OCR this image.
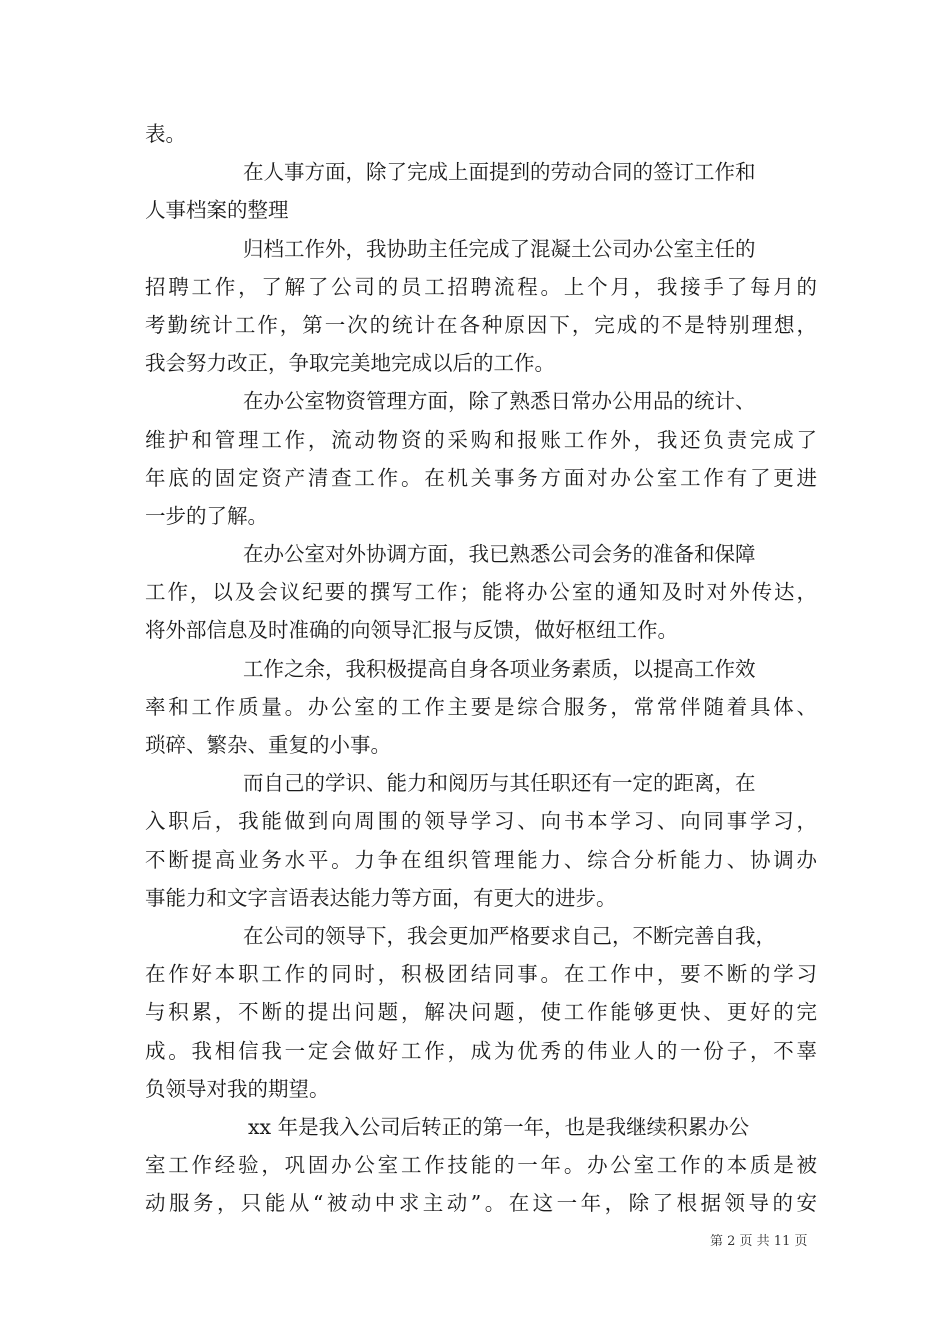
表。
在人事方面，除了完成上面提到的劳动合同的签订工作和
人事档案的整理
归档工作外，我协助主任完成了混凝土公司办公室主任的
招聘工作，了解了公司的员工招聘流程。上个月，我接手了每月的
考勤统计工作，第一次的统计在各种原因下，完成的不是特别理想，
我会努力改正，争取完美地完成以后的工作。
在办公室物资管理方面，除了熟悉日常办公用品的统计、
维护和管理工作，流动物资的采购和报账工作外，我还负责完成了
年底的固定资产清查工作。在机关事务方面对办公室工作有了更进
一步的了解。
在办公室对外协调方面，我已熟悉公司会务的准备和保障
工作，以及会议纪要的撰写工作；能将办公室的通知及时对外传达，
将外部信息及时准确的向领导汇报与反馈，做好枢纽工作。
工作之余，我积极提高自身各项业务素质，以提高工作效
率和工作质量。办公室的工作主要是综合服务，常常伴随着具体、
琐碎、繁杂、重复的小事。
而自己的学识、能力和阅历与其任职还有一定的距离，在
入职后，我能做到向周围的领导学习、向书本学习、向同事学习，
不断提高业务水平。力争在组织管理能力、综合分析能力、协调办
事能力和文字言语表达能力等方面，有更大的进步。
在公司的领导下，我会更加严格要求自己，不断完善自我，
在作好本职工作的同时，积极团结同事。在工作中，要不断的学习
与积累，不断的提出问题，解决问题，使工作能够更快、更好的完
成。我相信我一定会做好工作，成为优秀的伟业人的一份子，不辜
负领导对我的期望。
xx 年是我入公司后转正的第一年，也是我继续积累办公
室工作经验，巩固办公室工作技能的一年。办公室工作的本质是被
动服务，只能从“被动中求主动”。在这一年，除了根据领导的安
第 2 页 共 11 页
